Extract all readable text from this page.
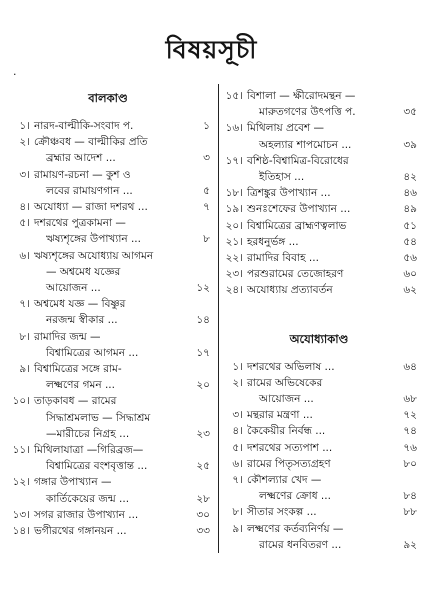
বিষয়সূচী
·
বালকাণ্ড
১। নারদ-বাল্মীকি-সংবাদ প.	১
২। ক্রৌঞ্চবধ — বাল্মীকির প্রতি
ব্রহ্মার আদেশ ...	৩
৩। রামায়ণ-রচনা — কুশ ও
লবের রামায়ণগান ...	৫
৪। অযোধ্যা — রাজা দশরথ ...	৭
৫। দশরথের পুত্রকামনা —
ঋষ্যশৃঙ্গের উপাখ্যান ...	৮
৬। ঋষ্যশৃঙ্গের অযোধ্যায় আগমন
— অশ্বমেধ যজ্ঞের
আয়োজন ...	১২
৭। অশ্বমেধ যজ্ঞ — বিষ্ণুর
নরজন্ম স্বীকার ...	১৪
৮। রামাদির জন্ম —
বিশ্বামিত্রের আগমন ...	১৭
৯। বিশ্বামিত্রের সঙ্গে রাম-
লক্ষ্মণের গমন ...	২০
১০। তাড়কাবধ — রামের
সিদ্ধাশ্রমলাভ — সিদ্ধাশ্রম
—মারীচের নিগ্রহ ...	২৩
১১। মিথিলাযাত্রা —গিরিব্রজ—
বিশ্বামিত্রের বংশবৃত্তান্ত ...	২৫
১২। গঙ্গার উপাখ্যান —
কার্তিকেয়ের জন্ম ...	২৮
১৩। সগর রাজার উপাখ্যান ...	৩০
১৪। ভগীরথের গঙ্গানয়ন ...	৩৩
১৫। বিশালা — ক্ষীরোদমন্থন —
মারুতগণের উৎপত্তি প.	৩৫
১৬। মিথিলায় প্রবেশ —
অহল্যার শাপমোচন ...	৩৯
১৭। বশিষ্ঠ-বিশ্বামিত্র-বিরোধের
ইতিহাস ...	৪২
১৮। ত্রিশঙ্কুর উপাখ্যান ...	৪৬
১৯। শুনঃশেফের উপাখ্যান ...	৪৯
২০। বিশ্বামিত্রের ব্রাহ্মণত্বলাভ	৫১
২১। হরধনুর্ভঙ্গ ...	৫৪
২২। রামাদির বিবাহ ...	৫৬
২৩। পরশুরামের তেজোহরণ	৬০
২৪। অযোধ্যায় প্রত্যাবর্তন	৬২
অযোধ্যাকাণ্ড
১। দশরথের অভিলাষ ...	৬৪
২। রামের অভিষেকের
আয়োজন ...	৬৮
৩। মন্থরার মন্ত্রণা ...	৭২
৪। কৈকেয়ীর নির্বন্ধ ...	৭৪
৫। দশরথের সত্যপাশ ...	৭৬
৬। রামের পিতৃসত্যগ্রহণ	৮০
৭। কৌশল্যার খেদ —
লক্ষ্মণের ক্রোধ ...	৮৪
৮। সীতার সংকল্প ...	৮৮
৯। লক্ষ্মণের কর্তব্যনির্ণয় —
রামের ধনবিতরণ ...	৯২
